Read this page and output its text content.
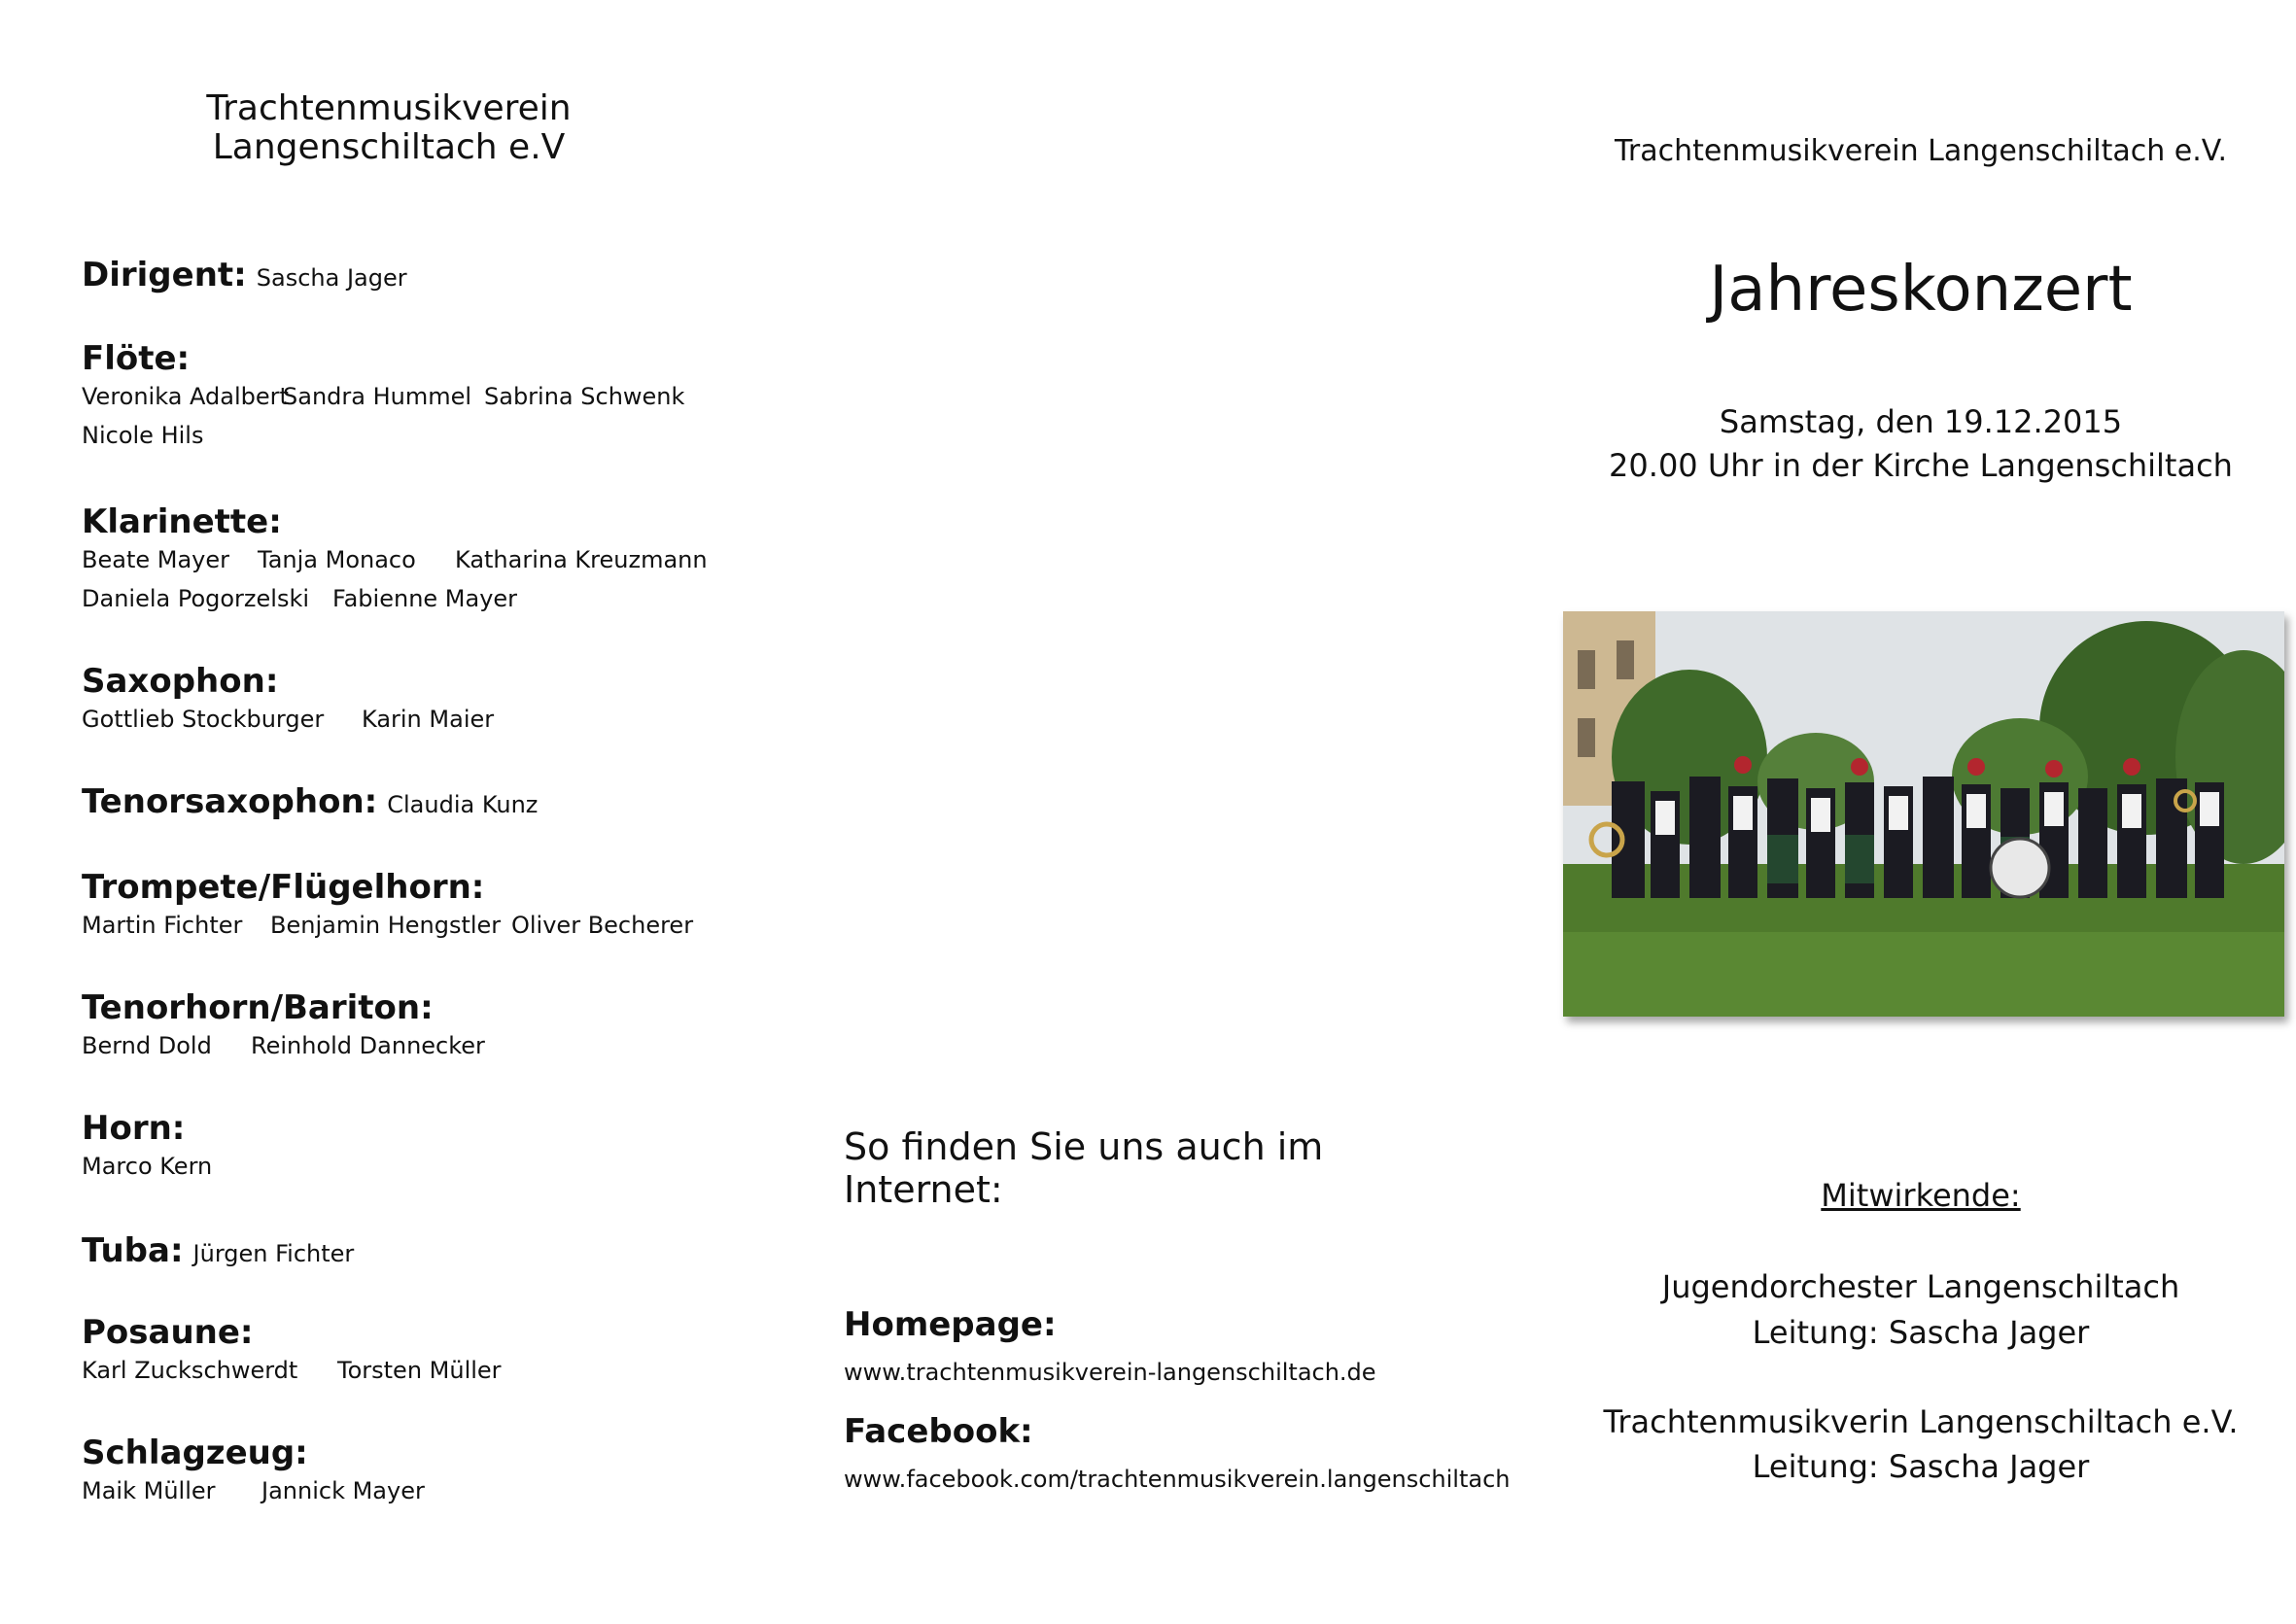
Trachtenmusikverein
Langenschiltach e.V
Dirigent: Sascha Jager
Flöte:
Veronika AdalbertSandra Hummel Sabrina Schwenk
Nicole Hils
Klarinette:
Beate Mayer Tanja Monaco Katharina Kreuzmann
Daniela Pogorzelski Fabienne Mayer
Saxophon:
Gottlieb Stockburger Karin Maier
Tenorsaxophon: Claudia Kunz
Trompete/Flügelhorn:
Martin Fichter Benjamin Hengstler Oliver Becherer
Tenorhorn/Bariton:
Bernd Dold Reinhold Dannecker
Horn:
Marco Kern
Tuba: Jürgen Fichter
Posaune:
Karl Zuckschwerdt Torsten Müller
Schlagzeug:
Maik Müller Jannick Mayer
So finden Sie uns auch im
Internet:
Homepage:
www.trachtenmusikverein-langenschiltach.de
Facebook:
www.facebook.com/trachtenmusikverein.langenschiltach
Trachtenmusikverein Langenschiltach e.V.
Jahreskonzert
Samstag, den 19.12.2015
20.00 Uhr in der Kirche Langenschiltach
Mitwirkende:
Jugendorchester Langenschiltach
Leitung: Sascha Jager
Trachtenmusikverin Langenschiltach e.V.
Leitung: Sascha Jager
